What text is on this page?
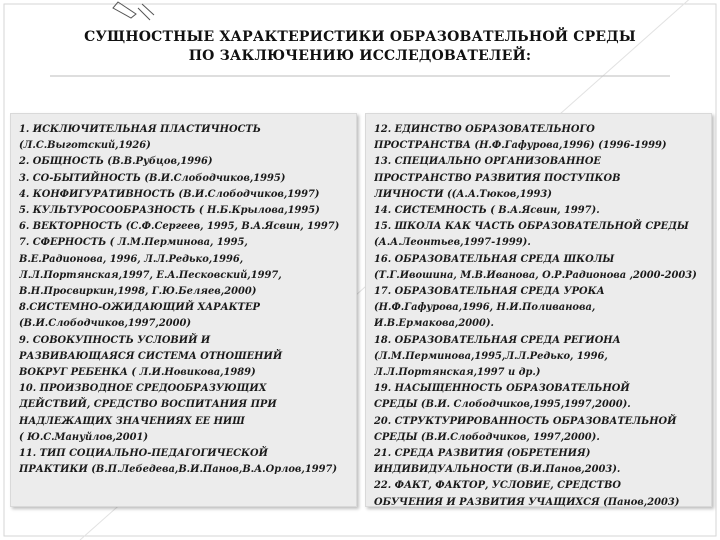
СУЩНОСТНЫЕ ХАРАКТЕРИСТИКИ ОБРАЗОВАТЕЛЬНОЙ СРЕДЫ
ПО ЗАКЛЮЧЕНИЮ ИССЛЕДОВАТЕЛЕЙ:
1. ИСКЛЮЧИТЕЛЬНАЯ ПЛАСТИЧНОСТЬ
(Л.С.Выготский,1926)
2. ОБЩНОСТЬ (В.В.Рубцов,1996)
3. СО-БЫТИЙНОСТЬ (В.И.Слободчиков,1995)
4. КОНФИГУРАТИВНОСТЬ (В.И.Слободчиков,1997)
5. КУЛЬТУРОСООБРАЗНОСТЬ ( Н.Б.Крылова,1995)
6. ВЕКТОРНОСТЬ (С.Ф.Сергеев, 1995, В.А.Ясвин, 1997)
7. СФЕРНОСТЬ ( Л.М.Перминова, 1995,
В.Е.Радионова, 1996, Л.Л.Редько,1996,
Л.Л.Портянская,1997, Е.А.Песковский,1997,
В.Н.Просвиркин,1998, Г.Ю.Беляев,2000)
8.СИСТЕМНО-ОЖИДАЮЩИЙ ХАРАКТЕР
(В.И.Слободчиков,1997,2000)
9. СОВОКУПНОСТЬ УСЛОВИЙ И
РАЗВИВАЮЩАЯСЯ СИСТЕМА ОТНОШЕНИЙ
ВОКРУГ РЕБЕНКА ( Л.И.Новикова,1989)
10. ПРОИЗВОДНОЕ СРЕДООБРАЗУЮЩИХ
ДЕЙСТВИЙ, СРЕДСТВО ВОСПИТАНИЯ ПРИ
НАДЛЕЖАЩИХ ЗНАЧЕНИЯХ ЕЕ НИШ
( Ю.С.Мануйлов,2001)
11. ТИП СОЦИАЛЬНО-ПЕДАГОГИЧЕСКОЙ
ПРАКТИКИ (В.П.Лебедева,В.И.Панов,В.А.Орлов,1997)
12. ЕДИНСТВО ОБРАЗОВАТЕЛЬНОГО
ПРОСТРАНСТВА (Н.Ф.Гафурова,1996) (1996-1999)
13. СПЕЦИАЛЬНО ОРГАНИЗОВАННОЕ
ПРОСТРАНСТВО РАЗВИТИЯ ПОСТУПКОВ
ЛИЧНОСТИ ((А.А.Тюков,1993)
14. СИСТЕМНОСТЬ ( В.А.Ясвин, 1997).
15. ШКОЛА КАК ЧАСТЬ ОБРАЗОВАТЕЛЬНОЙ СРЕДЫ
(А.А.Леонтьев,1997-1999).
16. ОБРАЗОВАТЕЛЬНАЯ СРЕДА ШКОЛЫ
(Т.Г.Ивошина, М.В.Иванова, О.Р.Радионова ,2000-2003)
17. ОБРАЗОВАТЕЛЬНАЯ СРЕДА УРОКА
(Н.Ф.Гафурова,1996, Н.И.Поливанова,
И.В.Ермакова,2000).
18. ОБРАЗОВАТЕЛЬНАЯ СРЕДА РЕГИОНА
(Л.М.Перминова,1995,Л.Л.Редько, 1996,
Л.Л.Портянская,1997 и др.)
19. НАСЫЩЕННОСТЬ ОБРАЗОВАТЕЛЬНОЙ
СРЕДЫ (В.И. Слободчиков,1995,1997,2000).
20. СТРУКТУРИРОВАННОСТЬ ОБРАЗОВАТЕЛЬНОЙ
СРЕДЫ (В.И.Слободчиков, 1997,2000).
21. СРЕДА РАЗВИТИЯ (ОБРЕТЕНИЯ)
ИНДИВИДУАЛЬНОСТИ (В.И.Панов,2003).
22. ФАКТ, ФАКТОР, УСЛОВИЕ, СРЕДСТВО
ОБУЧЕНИЯ И РАЗВИТИЯ УЧАЩИХСЯ (Панов,2003)
